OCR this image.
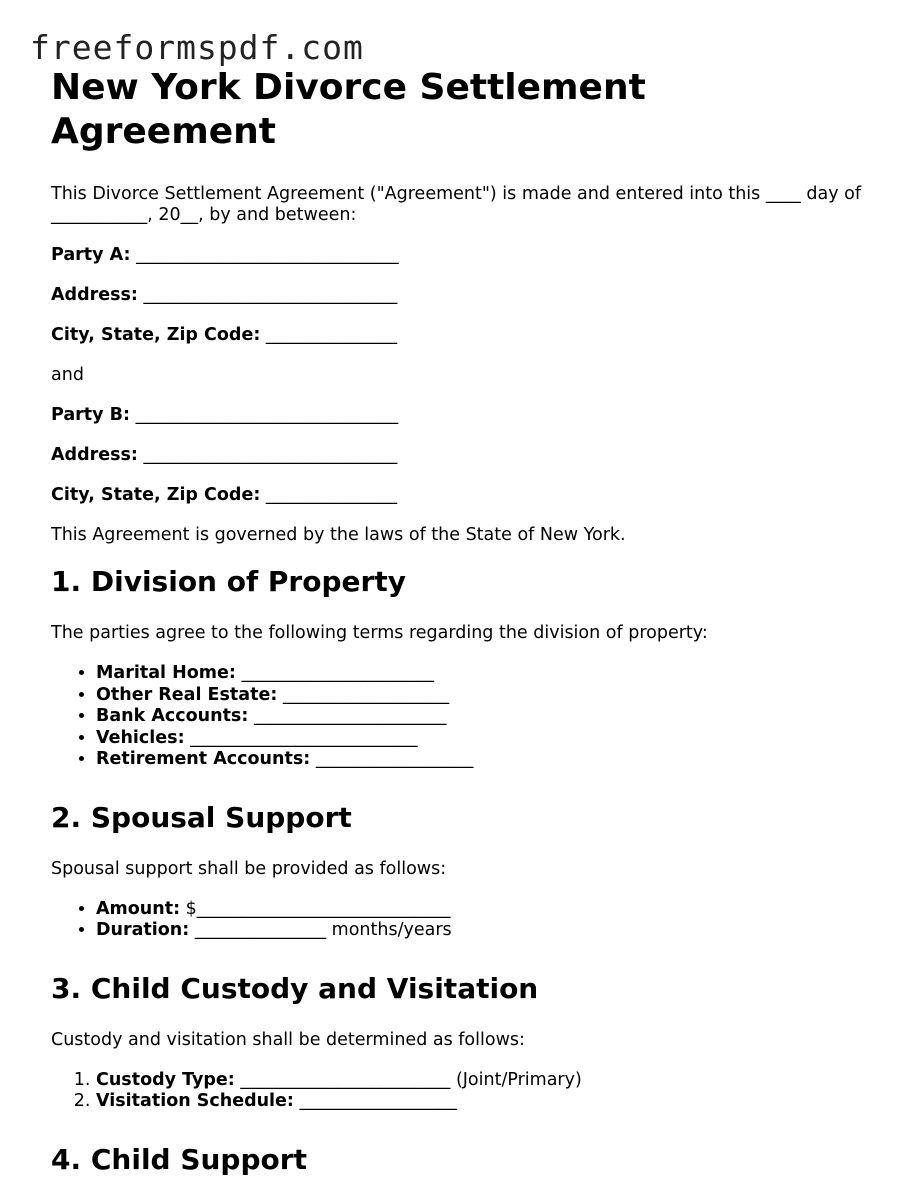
freeformspdf.com
New York Divorce Settlement Agreement

This Divorce Settlement Agreement ("Agreement") is made and entered into this ____ day of ___________, 20__, by and between:

Party A: ______________________________
Address: _____________________________
City, State, Zip Code: _______________

and

Party B: ______________________________
Address: _____________________________
City, State, Zip Code: _______________

This Agreement is governed by the laws of the State of New York.

1. Division of Property

The parties agree to the following terms regarding the division of property:

• Marital Home: ______________________
• Other Real Estate: ___________________
• Bank Accounts: ______________________
• Vehicles: __________________________
• Retirement Accounts: __________________
2. Spousal Support

Spousal support shall be provided as follows:

• Amount: $_____________________________
• Duration: _______________ months/years
3. Child Custody and Visitation

Custody and visitation shall be determined as follows:

1. Custody Type: ________________________ (Joint/Primary)
2. Visitation Schedule: __________________
4. Child Support
